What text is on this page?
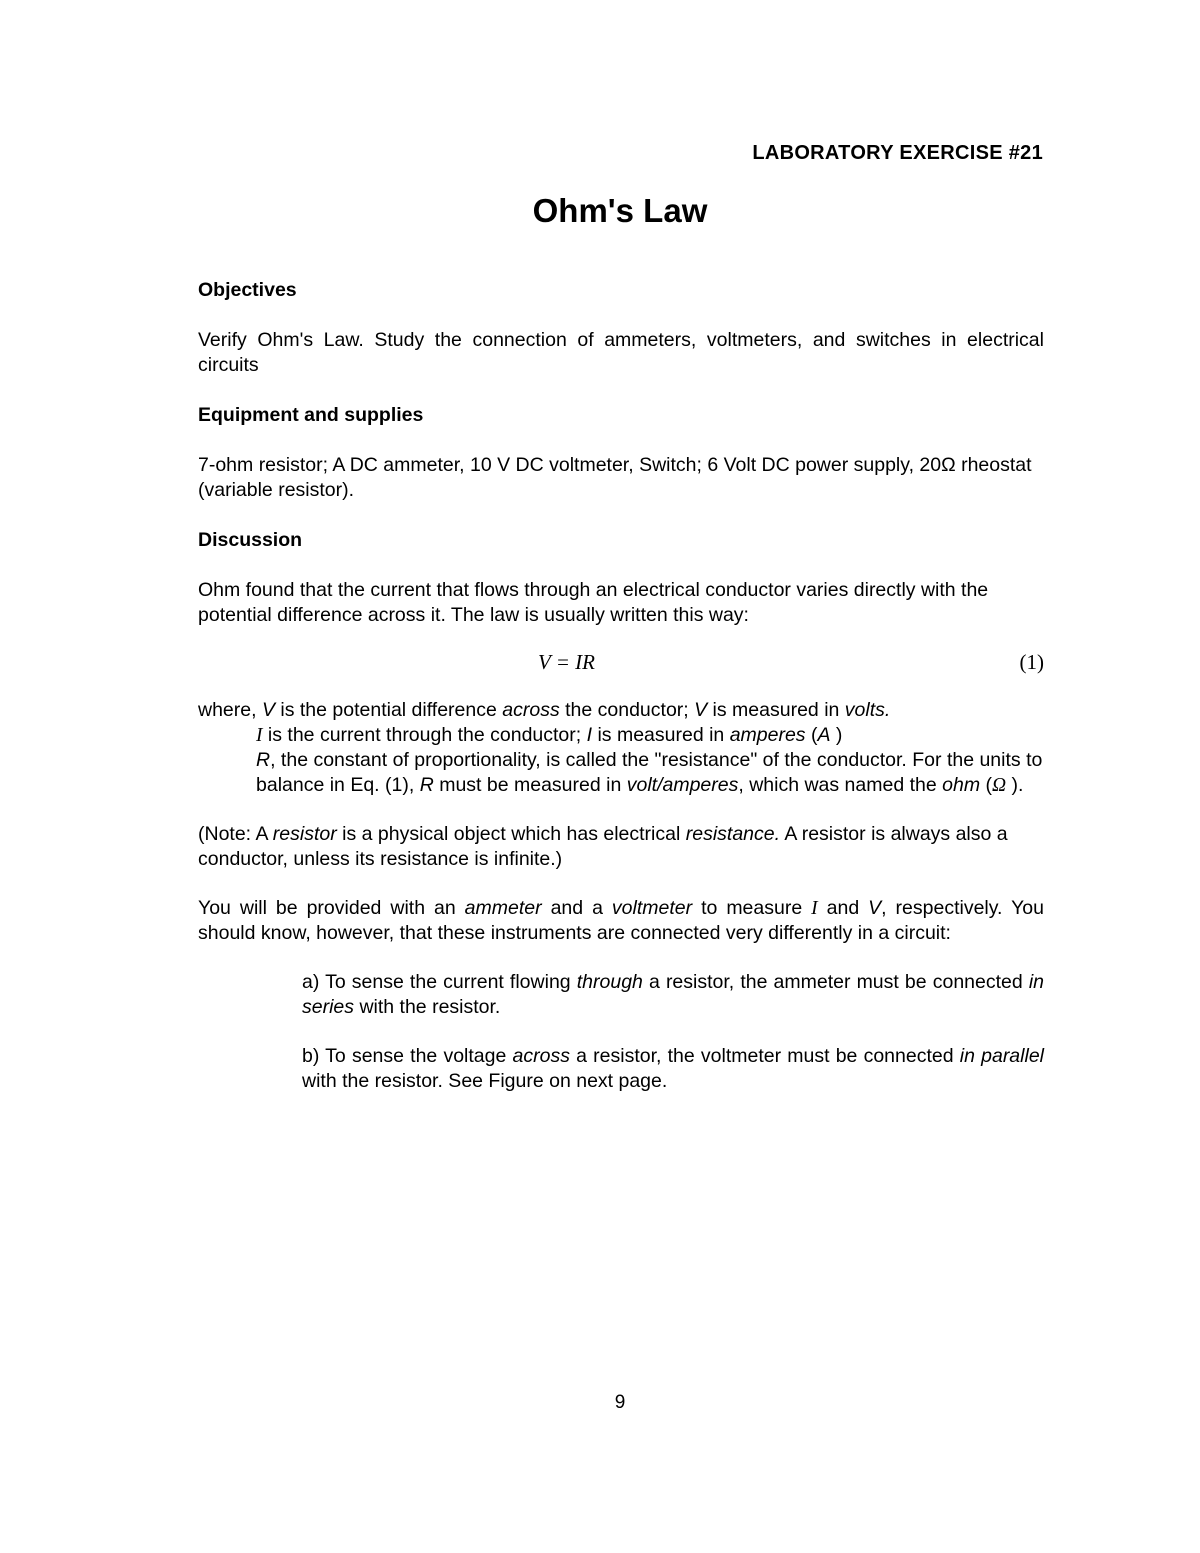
LABORATORY EXERCISE #21
Ohm's Law
Objectives

Verify Ohm's Law. Study the connection of ammeters, voltmeters, and switches in electrical circuits

Equipment and supplies

7-ohm resistor; A DC ammeter, 10 V DC voltmeter, Switch; 6 Volt DC power supply, 20Ω rheostat (variable resistor).

Discussion

Ohm found that the current that flows through an electrical conductor varies directly with the potential difference across it. The law is usually written this way:

V = IR	(1)

where, V is the potential difference across the conductor; V is measured in volts.

I is the current through the conductor; I is measured in amperes (A )

R, the constant of proportionality, is called the "resistance" of the conductor. For the units to balance in Eq. (1), R must be measured in volt/amperes, which was named the ohm (Ω ).

(Note: A resistor is a physical object which has electrical resistance. A resistor is always also a conductor, unless its resistance is infinite.)

You will be provided with an ammeter and a voltmeter to measure I and V, respectively. You should know, however, that these instruments are connected very differently in a circuit:

a) To sense the current flowing through a resistor, the ammeter must be connected in series with the resistor.

b) To sense the voltage across a resistor, the voltmeter must be connected in parallel with the resistor. See Figure on next page.

9
